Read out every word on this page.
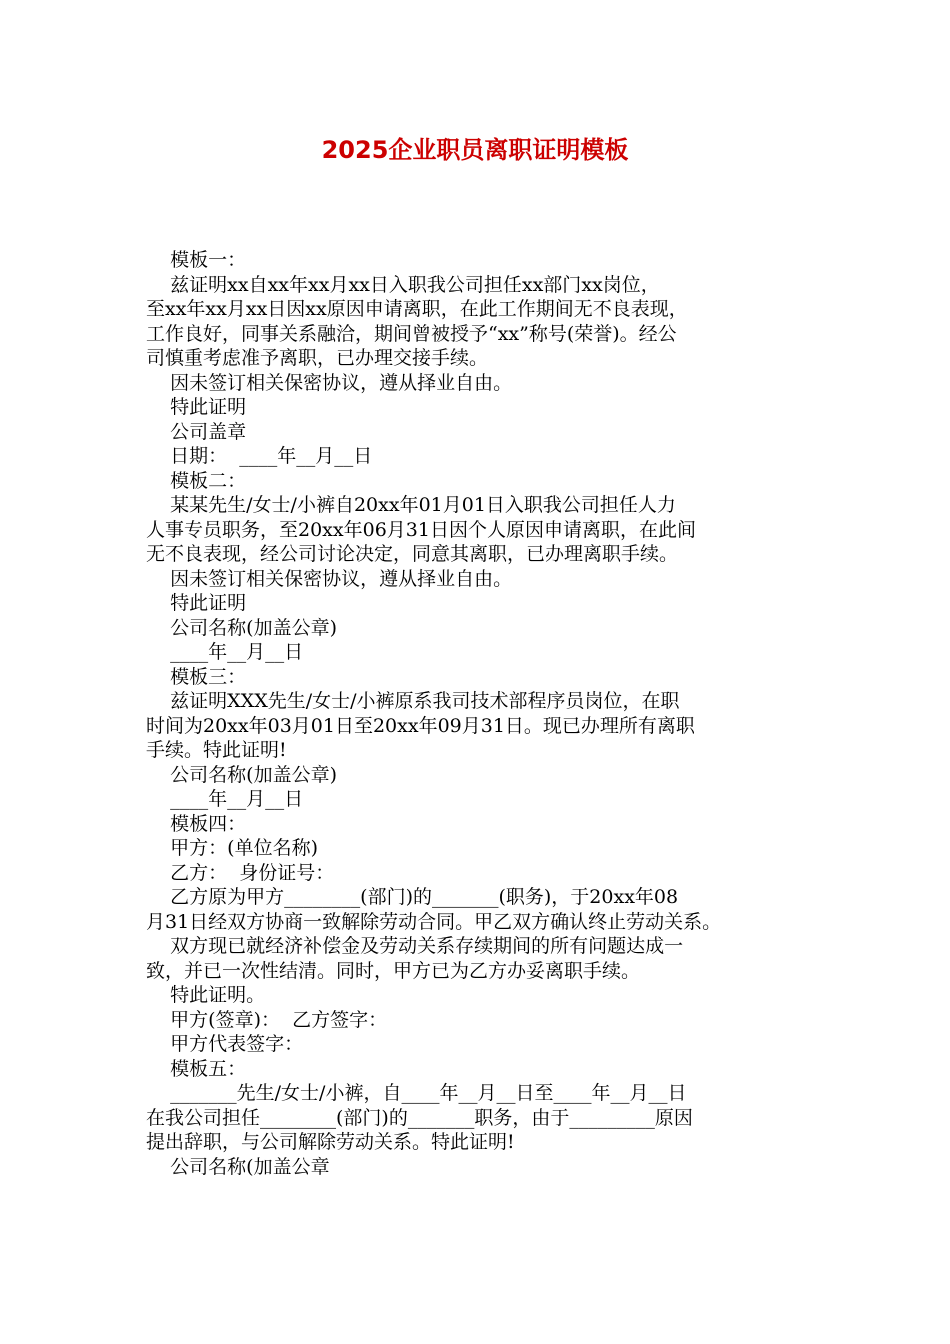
2025企业职员离职证明模板
模板一：
兹证明xx自xx年xx月xx日入职我公司担任xx部门xx岗位，
至xx年xx月xx日因xx原因申请离职，在此工作期间无不良表现，
工作良好，同事关系融洽，期间曾被授予“xx”称号(荣誉)。经公
司慎重考虑准予离职，已办理交接手续。
因未签订相关保密协议，遵从择业自由。
特此证明
公司盖章
日期：  ____年__月__日
模板二：
某某先生/女士/小裤自20xx年01月01日入职我公司担任人力
人事专员职务，至20xx年06月31日因个人原因申请离职，在此间
无不良表现，经公司讨论决定，同意其离职，已办理离职手续。
因未签订相关保密协议，遵从择业自由。
特此证明
公司名称(加盖公章)
____年__月__日
模板三：
兹证明XXX先生/女士/小裤原系我司技术部程序员岗位，在职
时间为20xx年03月01日至20xx年09月31日。现已办理所有离职
手续。特此证明!
公司名称(加盖公章)
____年__月__日
模板四：
甲方：(单位名称)
乙方：  身份证号：
乙方原为甲方________(部门)的_______(职务)，于20xx年08
月31日经双方协商一致解除劳动合同。甲乙双方确认终止劳动关系。
双方现已就经济补偿金及劳动关系存续期间的所有问题达成一
致，并已一次性结清。同时，甲方已为乙方办妥离职手续。
特此证明。
甲方(签章)：  乙方签字：
甲方代表签字：
模板五：
_______先生/女士/小裤，自____年__月__日至____年__月__日
在我公司担任________(部门)的_______职务，由于_________原因
提出辞职，与公司解除劳动关系。特此证明!
公司名称(加盖公章
